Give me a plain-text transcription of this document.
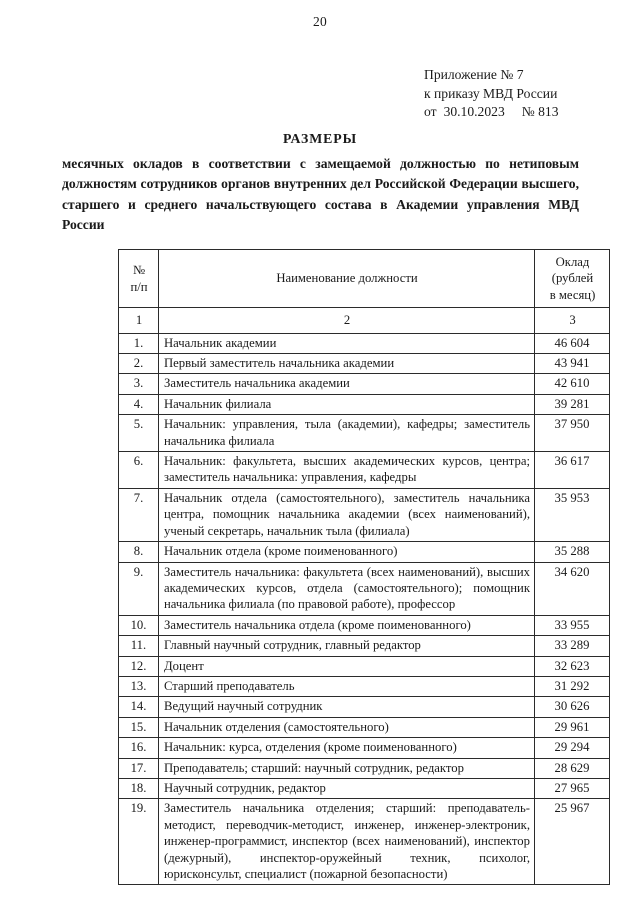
20
Приложение № 7
к приказу МВД России
от 30.10.2023 № 813
РАЗМЕРЫ
месячных окладов в соответствии с замещаемой должностью по нетиповым должностям сотрудников органов внутренних дел Российской Федерации высшего, старшего и среднего начальствующего состава в Академии управления МВД России
№
п/п
	Наименование должности	
Оклад
(рублей
в месяц)

1	2	3
1.	Начальник академии	46 604
2.	Первый заместитель начальника академии	43 941
3.	Заместитель начальника академии	42 610
4.	Начальник филиала	39 281
5.	Начальник: управления, тыла (академии), кафедры; заместитель начальника филиала	37 950
6.	Начальник: факультета, высших академических курсов, центра; заместитель начальника: управления, кафедры	36 617
7.	Начальник отдела (самостоятельного), заместитель начальника центра, помощник начальника академии (всех наименований), ученый секретарь, начальник тыла (филиала)	35 953
8.	Начальник отдела (кроме поименованного)	35 288
9.	Заместитель начальника: факультета (всех наименований), высших академических курсов, отдела (самостоятельного); помощник начальника филиала (по правовой работе), профессор	34 620
10.	Заместитель начальника отдела (кроме поименованного)	33 955
11.	Главный научный сотрудник, главный редактор	33 289
12.	Доцент	32 623
13.	Старший преподаватель	31 292
14.	Ведущий научный сотрудник	30 626
15.	Начальник отделения (самостоятельного)	29 961
16.	Начальник: курса, отделения (кроме поименованного)	29 294
17.	Преподаватель; старший: научный сотрудник, редактор	28 629
18.	Научный сотрудник, редактор	27 965
19.	Заместитель начальника отделения; старший: преподаватель-методист, переводчик-методист, инженер, инженер-электроник, инженер-программист, инспектор (всех наименований), инспектор (дежурный), инспектор-оружейный техник, психолог, юрисконсульт, специалист (пожарной безопасности)	25 967
